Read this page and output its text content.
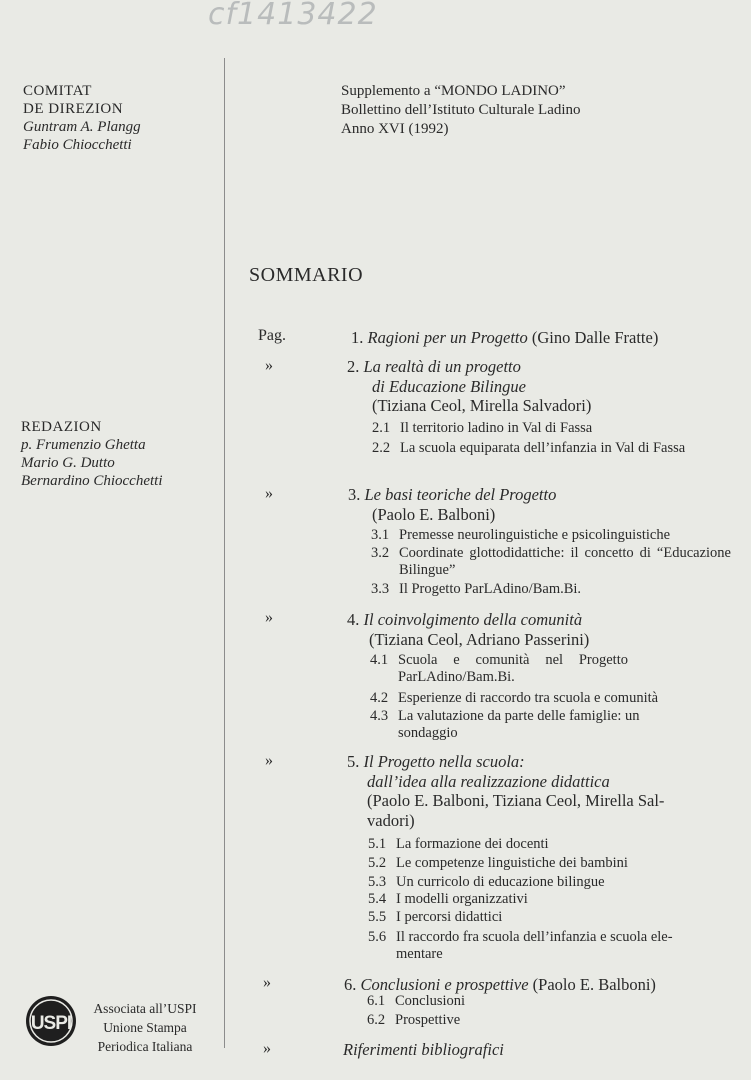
cf1413422
COMITAT
DE DIREZION
Guntram A. Plangg
Fabio Chiocchetti
REDAZION
p. Frumenzio Ghetta
Mario G. Dutto
Bernardino Chiocchetti
Supplemento a “MONDO LADINO”
Bollettino dell’Istituto Culturale Ladino
Anno XVI (1992)
SOMMARIO
Pag.
»
»
»
»
»
»
1. Ragioni per un Progetto (Gino Dalle Fratte)
2. La realtà di un progetto
di Educazione Bilingue
(Tiziana Ceol, Mirella Salvadori)
2.1 Il territorio ladino in Val di Fassa
2.2 La scuola equiparata dell’infanzia in Val di Fassa
3. Le basi teoriche del Progetto
(Paolo E. Balboni)
3.1 Premesse neurolinguistiche e psicolinguistiche
3.2 Coordinate glottodidattiche: il concetto di “Educazione Bilingue”
3.3 Il Progetto ParLAdino/Bam.Bi.
4. Il coinvolgimento della comunità
(Tiziana Ceol, Adriano Passerini)
4.1 Scuola e comunità nel Progetto ParLAdino/Bam.Bi.
4.2 Esperienze di raccordo tra scuola e comunità
4.3 La valutazione da parte delle famiglie: un sondaggio
5. Il Progetto nella scuola:
dall’idea alla realizzazione didattica
(Paolo E. Balboni, Tiziana Ceol, Mirella Sal-
vadori)
5.1 La formazione dei docenti
5.2 Le competenze linguistiche dei bambini
5.3 Un curricolo di educazione bilingue
5.4 I modelli organizzativi
5.5 I percorsi didattici
5.6 Il raccordo fra scuola dell’infanzia e scuola ele-mentare
6. Conclusioni e prospettive (Paolo E. Balboni)
6.1 Conclusioni
6.2 Prospettive
Riferimenti bibliografici
USPI
Associata all’USPI
Unione Stampa
Periodica Italiana
